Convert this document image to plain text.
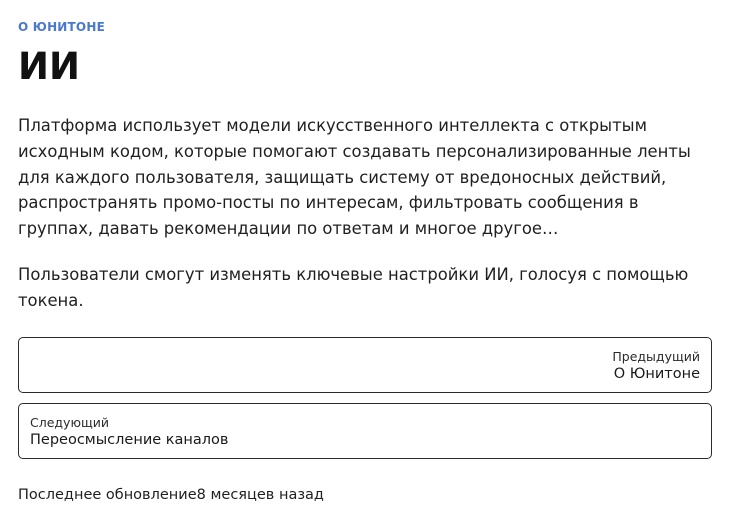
О ЮНИТОНЕ
ИИ

Платформа использует модели искусственного интеллекта с открытым исходным кодом, которые помогают создавать персонализированные ленты для каждого пользователя, защищать систему от вредоносных действий, распространять промо-посты по интересам, фильтровать сообщения в группах, давать рекомендации по ответам и многое другое…

Пользователи смогут изменять ключевые настройки ИИ, голосуя с помощью токена.

Предыдущий
О Юнитоне
Следующий
Переосмысление каналов
Последнее обновление8 месяцев назад
